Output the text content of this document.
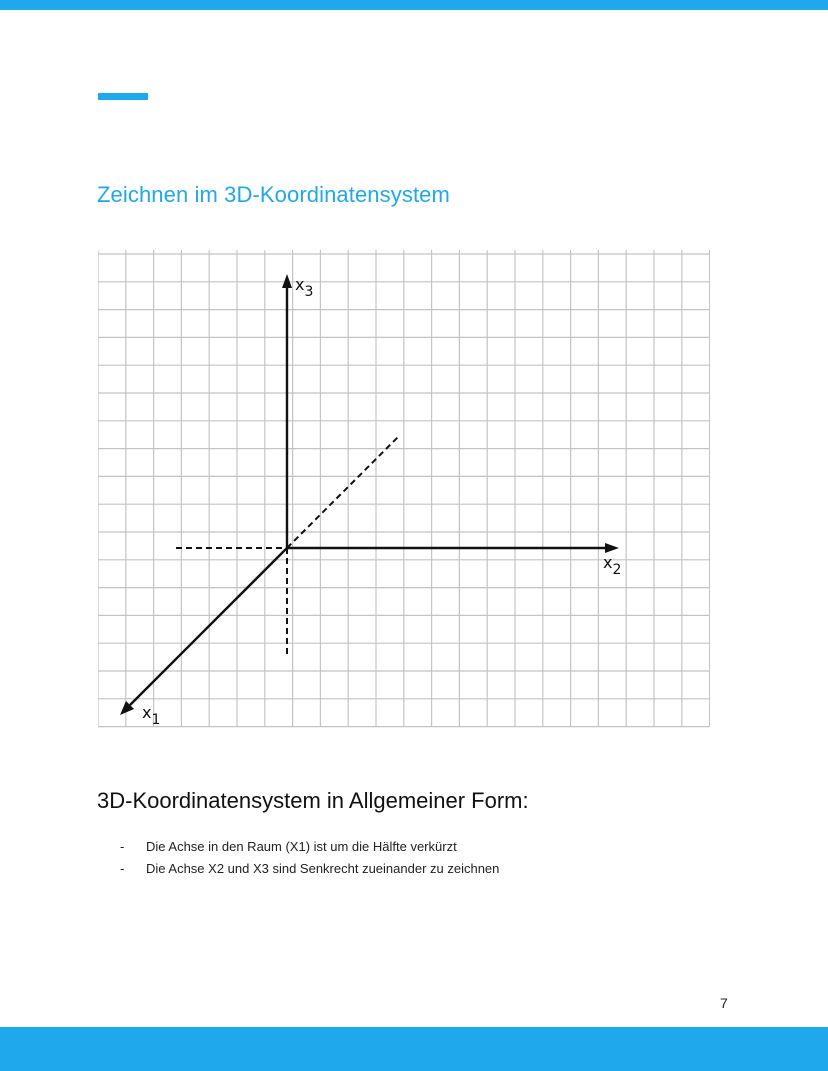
Zeichnen im 3D-Koordinatensystem
x3
x2
x1
3D-Koordinatensystem in Allgemeiner Form:
-	Die Achse in den Raum (X1) ist um die Hälfte verkürzt
-	Die Achse X2 und X3 sind Senkrecht zueinander zu zeichnen
7
